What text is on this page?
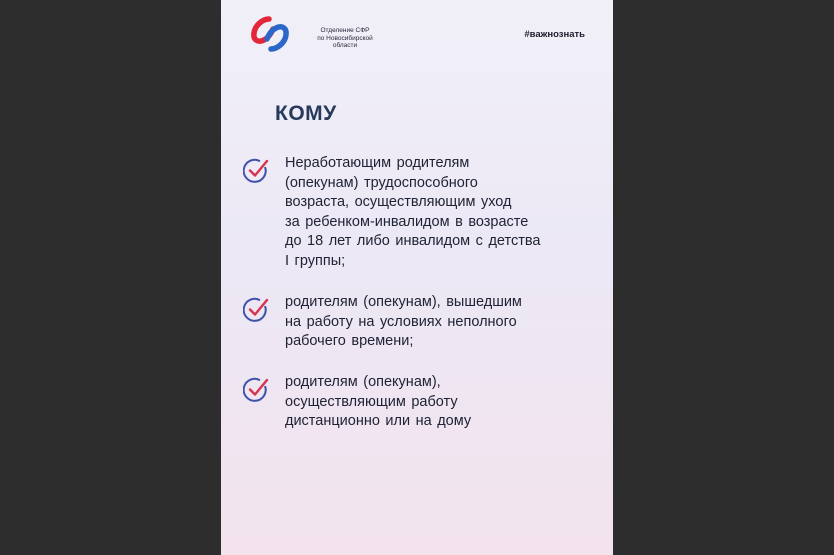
Отделение СФР
по Новосибирской
области
#важнознать
КОМУ
Неработающим родителям
(опекунам) трудоспособного
возраста, осуществляющим уход
за ребенком-инвалидом в возрасте
до 18 лет либо инвалидом с детства
I группы;
родителям (опекунам), вышедшим
на работу на условиях неполного
рабочего времени;
родителям (опекунам),
осуществляющим работу
дистанционно или на дому
